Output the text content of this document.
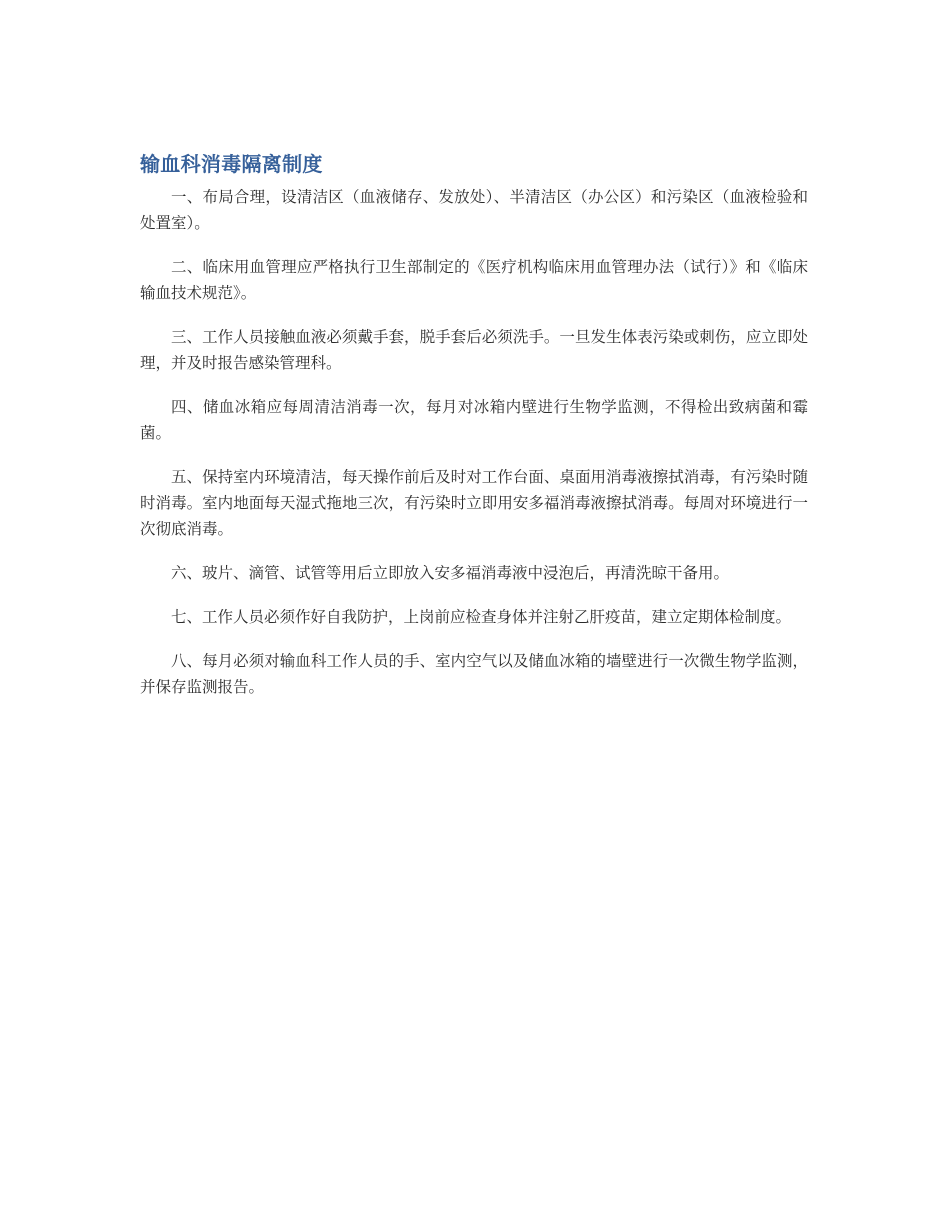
输血科消毒隔离制度

一、布局合理，设清洁区（血液储存、发放处）、半清洁区（办公区）和污染区（血液检验和处置室）。

二、临床用血管理应严格执行卫生部制定的《医疗机构临床用血管理办法（试行）》和《临床输血技术规范》。

三、工作人员接触血液必须戴手套，脱手套后必须洗手。一旦发生体表污染或刺伤，应立即处理，并及时报告感染管理科。

四、储血冰箱应每周清洁消毒一次，每月对冰箱内壁进行生物学监测，不得检出致病菌和霉菌。

五、保持室内环境清洁，每天操作前后及时对工作台面、桌面用消毒液擦拭消毒，有污染时随时消毒。室内地面每天湿式拖地三次，有污染时立即用安多福消毒液擦拭消毒。每周对环境进行一次彻底消毒。

六、玻片、滴管、试管等用后立即放入安多福消毒液中浸泡后，再清洗晾干备用。

七、工作人员必须作好自我防护，上岗前应检查身体并注射乙肝疫苗，建立定期体检制度。

八、每月必须对输血科工作人员的手、室内空气以及储血冰箱的墙壁进行一次微生物学监测，并保存监测报告。
